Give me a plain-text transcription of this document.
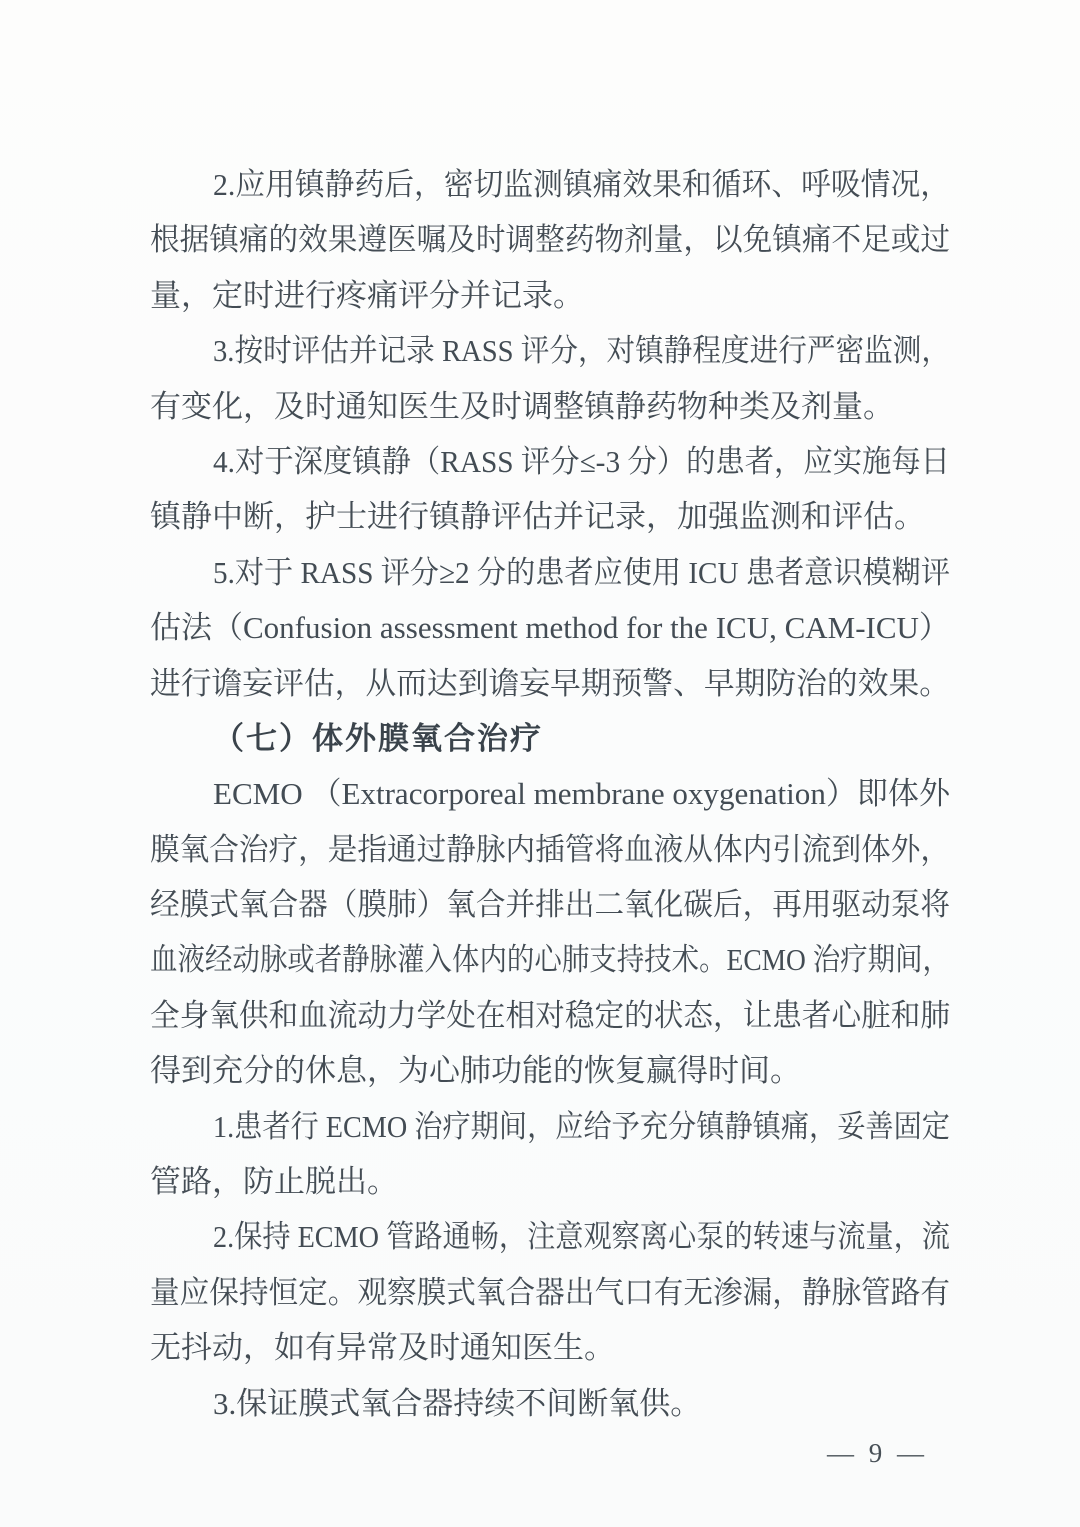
2.应用镇静药后，密切监测镇痛效果和循环、呼吸情况，
根据镇痛的效果遵医嘱及时调整药物剂量，以免镇痛不足或过
量，定时进行疼痛评分并记录。
3.按时评估并记录 RASS 评分，对镇静程度进行严密监测，
有变化，及时通知医生及时调整镇静药物种类及剂量。
4.对于深度镇静（RASS 评分≤-3 分）的患者，应实施每日
镇静中断，护士进行镇静评估并记录，加强监测和评估。
5.对于 RASS 评分≥2 分的患者应使用 ICU 患者意识模糊评
估法（Confusion assessment method for the ICU, CAM-ICU）
进行谵妄评估，从而达到谵妄早期预警、早期防治的效果。
（七）体外膜氧合治疗
ECMO （Extracorporeal membrane oxygenation）即体外
膜氧合治疗，是指通过静脉内插管将血液从体内引流到体外，
经膜式氧合器（膜肺）氧合并排出二氧化碳后，再用驱动泵将
血液经动脉或者静脉灌入体内的心肺支持技术。ECMO 治疗期间，
全身氧供和血流动力学处在相对稳定的状态，让患者心脏和肺
得到充分的休息，为心肺功能的恢复赢得时间。
1.患者行 ECMO 治疗期间，应给予充分镇静镇痛，妥善固定
管路，防止脱出。
2.保持 ECMO 管路通畅，注意观察离心泵的转速与流量，流
量应保持恒定。观察膜式氧合器出气口有无渗漏，静脉管路有
无抖动，如有异常及时通知医生。
3.保证膜式氧合器持续不间断氧供。
— 9 —
